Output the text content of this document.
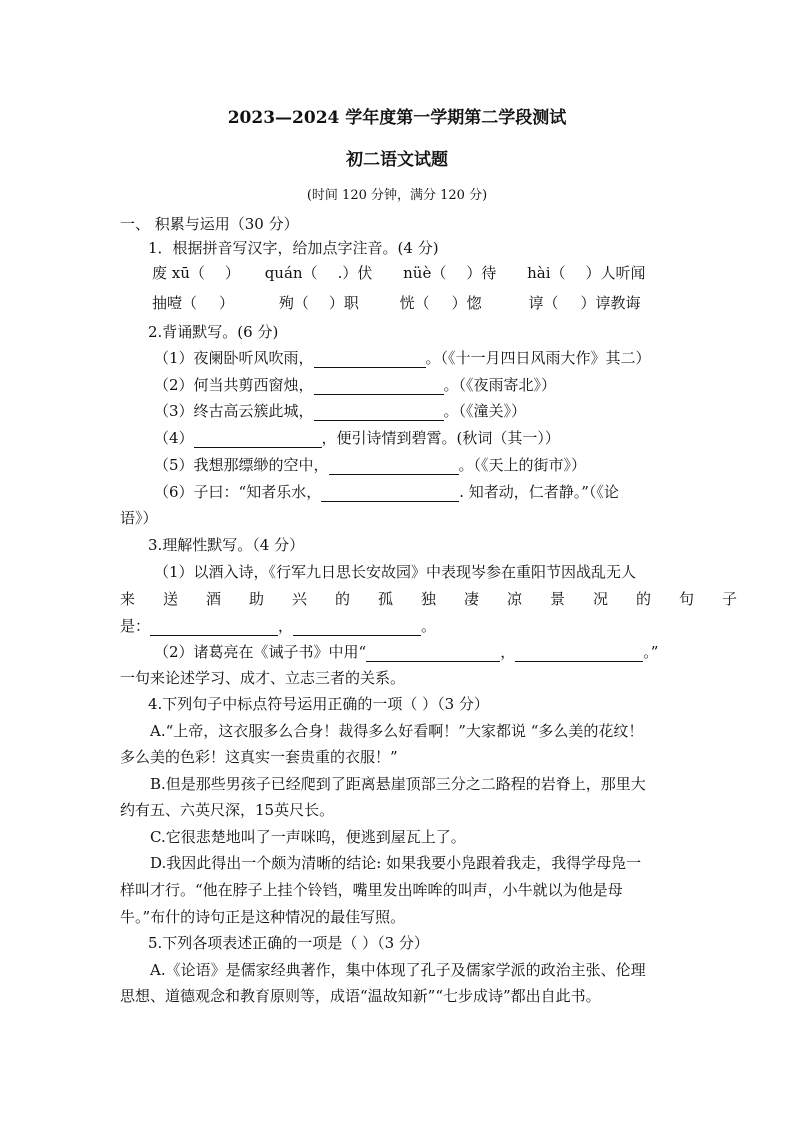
2023—2024 学年度第一学期第二学段测试
初二语文试题
(时间 120 分钟，满分 120 分)
一、 积累与运用（30 分）
1．根据拼音写汉字，给加点字注音。(4 分)
废 xū（ ） quán（ .）伏 nüè（ ）待 hài（ ）人听闻
抽噎（ ）	殉（ ）职	恍（ ）惚	谆（ ）谆教诲
2.背诵默写。(6 分)
（1）夜阑卧听风吹雨，	。（《十一月四日风雨大作》其二）
（2）何当共剪西窗烛，	。（《夜雨寄北》）
（3）终古高云簇此城，	。（《潼关》）
（4）	，便引诗情到碧霄。(秋词（其一））
（5）我想那缥缈的空中，	。（《天上的街市》）
（6）子曰：“知者乐水，	. 知者动，仁者静。”（《论
语》）
3.理解性默写。（4 分）
（1）以酒入诗，《行军九日思长安故园》中表现岑参在重阳节因战乱无人
来送酒助兴的孤独凄凉景况的句子
是：	，	。
（2）诸葛亮在《诫子书》中用“	，	。”
一句来论述学习、成才、立志三者的关系。
4.下列句子中标点符号运用正确的一项（ ）（3 分）
A.“上帝，这衣服多么合身！裁得多么好看啊！”大家都说 “多么美的花纹！
多么美的色彩！这真实一套贵重的衣服！”
B.但是那些男孩子已经爬到了距离悬崖顶部三分之二路程的岩脊上，那里大
约有五、六英尺深，15英尺长。
C.它很悲楚地叫了一声咪呜，便逃到屋瓦上了。
D.我因此得出一个颇为清晰的结论: 如果我要小凫跟着我走，我得学母凫一
样叫才行。“他在脖子上挂个铃铛，嘴里发出哞哞的叫声，小牛就以为他是母
牛。”布什的诗句正是这种情况的最佳写照。
5.下列各项表述正确的一项是（ ）（3 分）
A.《论语》是儒家经典著作，集中体现了孔子及儒家学派的政治主张、伦理
思想、道德观念和教育原则等，成语“温故知新”“七步成诗”都出自此书。
